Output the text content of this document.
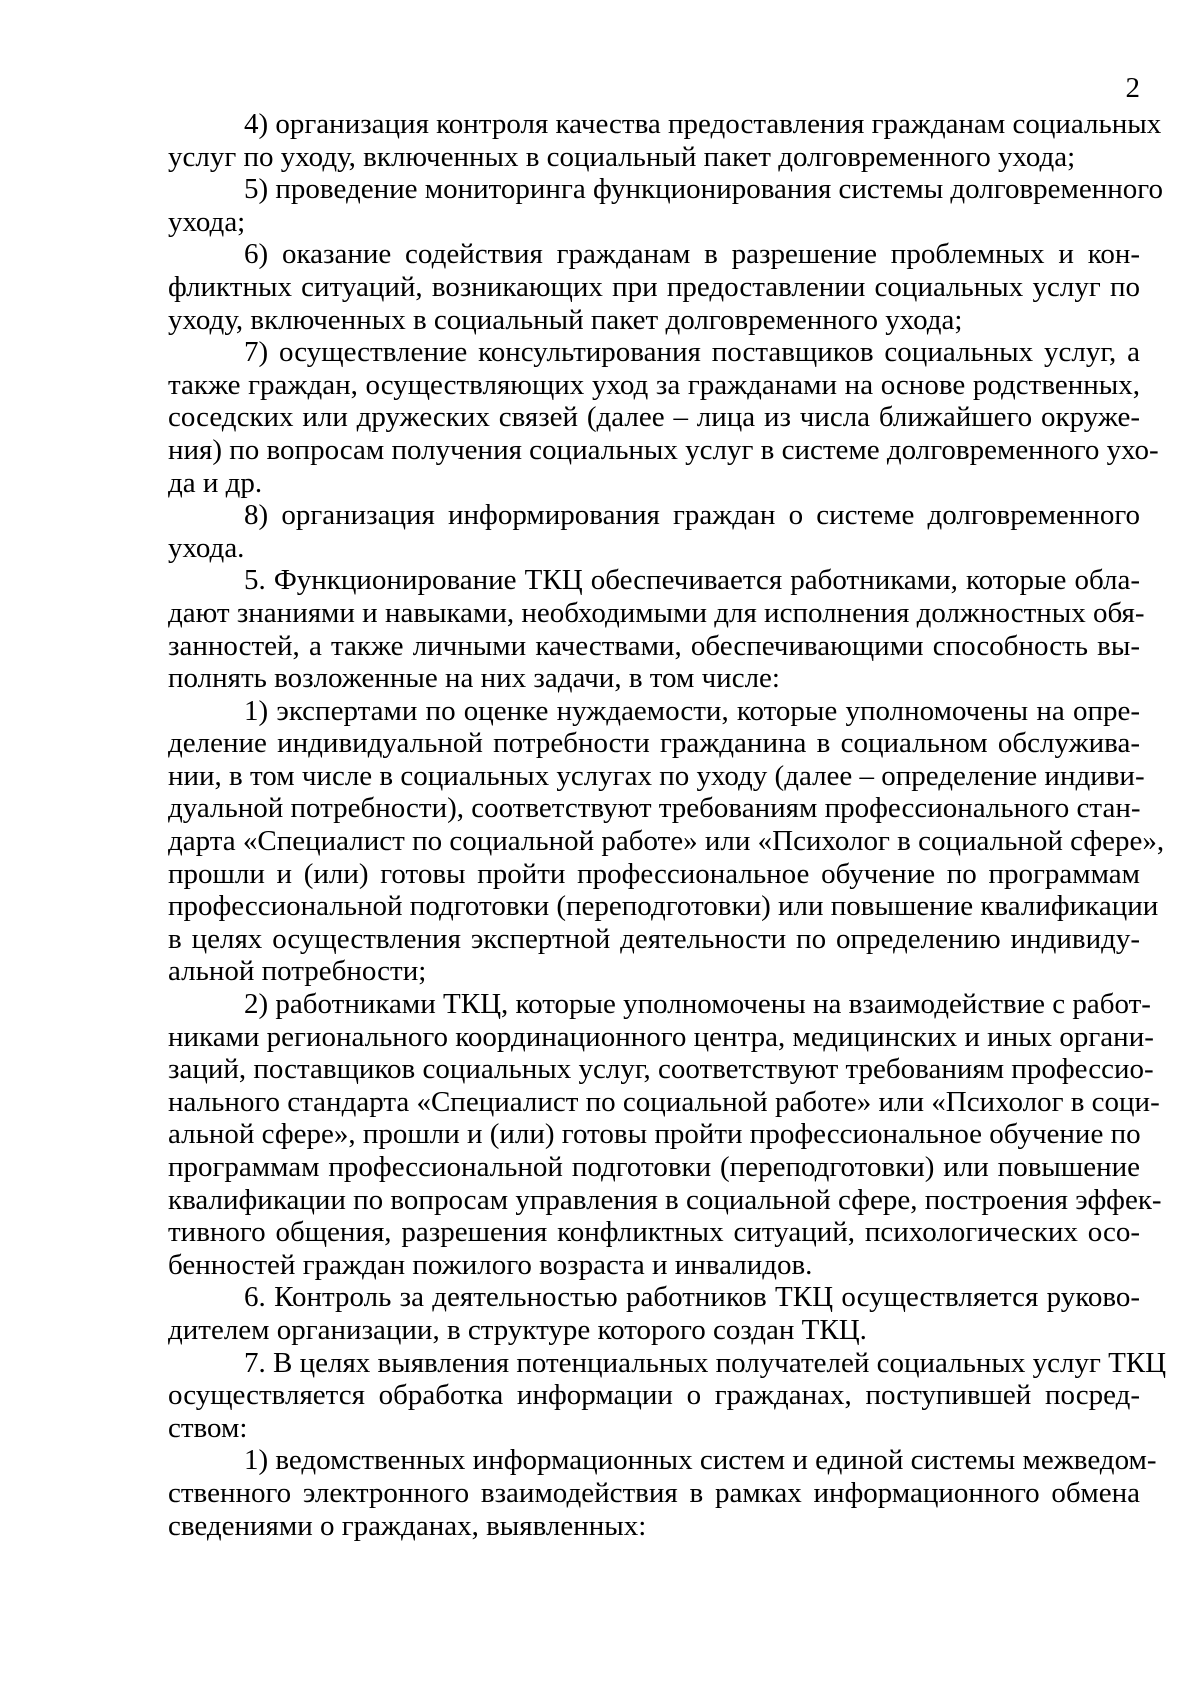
2
4) организация контроля качества предоставления гражданам социальных
услуг по уходу, включенных в социальный пакет долговременного ухода;
5) проведение мониторинга функционирования системы долговременного
ухода;
6) оказание содействия гражданам в разрешение проблемных и кон-
фликтных ситуаций, возникающих при предоставлении социальных услуг по
уходу, включенных в социальный пакет долговременного ухода;
7) осуществление консультирования поставщиков социальных услуг, а
также граждан, осуществляющих уход за гражданами на основе родственных,
соседских или дружеских связей (далее – лица из числа ближайшего окруже-
ния) по вопросам получения социальных услуг в системе долговременного ухо-
да и др.
8) организация информирования граждан о системе долговременного
ухода.
5. Функционирование ТКЦ обеспечивается работниками, которые обла-
дают знаниями и навыками, необходимыми для исполнения должностных обя-
занностей, а также личными качествами, обеспечивающими способность вы-
полнять возложенные на них задачи, в том числе:
1) экспертами по оценке нуждаемости, которые уполномочены на опре-
деление индивидуальной потребности гражданина в социальном обслужива-
нии, в том числе в социальных услугах по уходу (далее – определение индиви-
дуальной потребности), соответствуют требованиям профессионального стан-
дарта «Специалист по социальной работе» или «Психолог в социальной сфере»,
прошли и (или) готовы пройти профессиональное обучение по программам
профессиональной подготовки (переподготовки) или повышение квалификации
в целях осуществления экспертной деятельности по определению индивиду-
альной потребности;
2) работниками ТКЦ, которые уполномочены на взаимодействие с работ-
никами регионального координационного центра, медицинских и иных органи-
заций, поставщиков социальных услуг, соответствуют требованиям профессио-
нального стандарта «Специалист по социальной работе» или «Психолог в соци-
альной сфере», прошли и (или) готовы пройти профессиональное обучение по
программам профессиональной подготовки (переподготовки) или повышение
квалификации по вопросам управления в социальной сфере, построения эффек-
тивного общения, разрешения конфликтных ситуаций, психологических осо-
бенностей граждан пожилого возраста и инвалидов.
6. Контроль за деятельностью работников ТКЦ осуществляется руково-
дителем организации, в структуре которого создан ТКЦ.
7. В целях выявления потенциальных получателей социальных услуг ТКЦ
осуществляется обработка информации о гражданах, поступившей посред-
ством:
1) ведомственных информационных систем и единой системы межведом-
ственного электронного взаимодействия в рамках информационного обмена
сведениями о гражданах, выявленных:
